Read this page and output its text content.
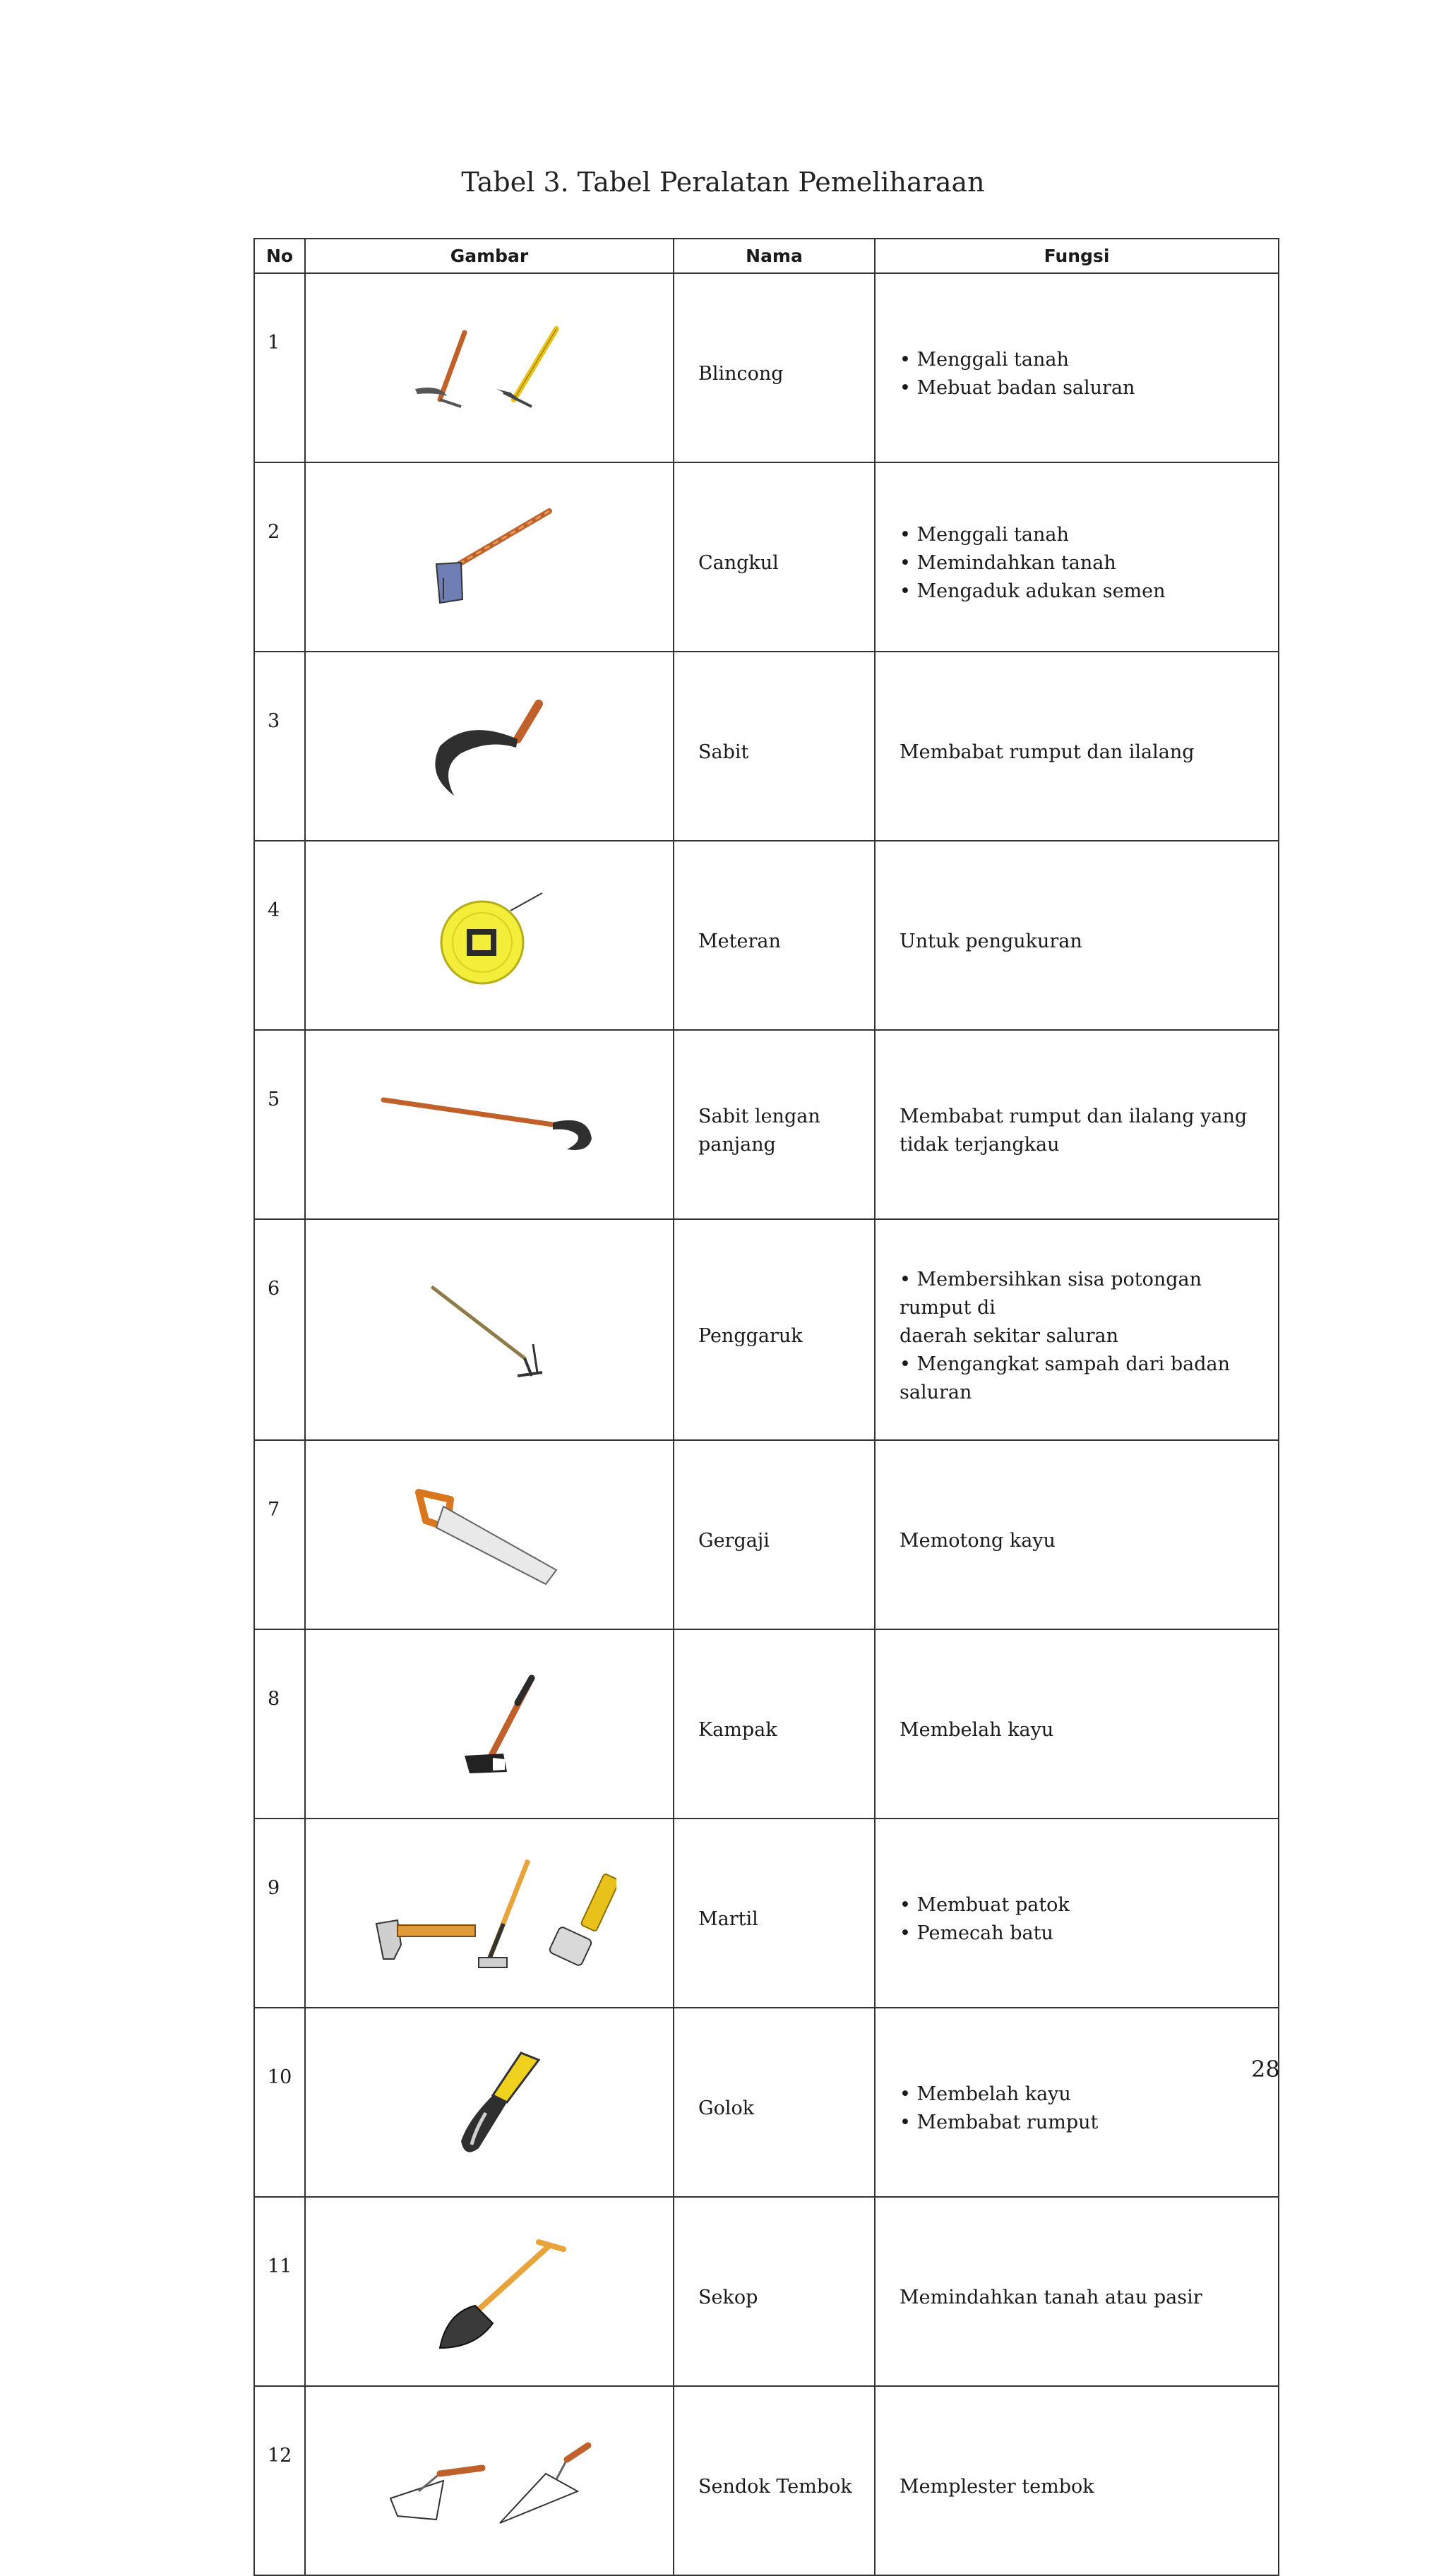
Tabel 3. Tabel Peralatan Pemeliharaan
No	Gambar	Nama	Fungsi
1		Blincong	• Menggali tanah
• Mebuat badan saluran

2		Cangkul	• Menggali tanah
• Memindahkan tanah
• Mengaduk adukan semen

3		Sabit	Membabat rumput dan ilalang

4		Meteran	Untuk pengukuran

5		Sabit lengan
panjang	Membabat rumput dan ilalang yang
tidak terjangkau

6		Penggaruk	• Membersihkan sisa potongan
rumput di
daerah sekitar saluran
• Mengangkat sampah dari badan
saluran

7		Gergaji	Memotong kayu

8		Kampak	Membelah kayu

9		Martil	• Membuat patok
• Pemecah batu

10		Golok	• Membelah kayu
• Membabat rumput

11		Sekop	Memindahkan tanah atau pasir

12		Sendok Tembok	Memplester tembok
28
